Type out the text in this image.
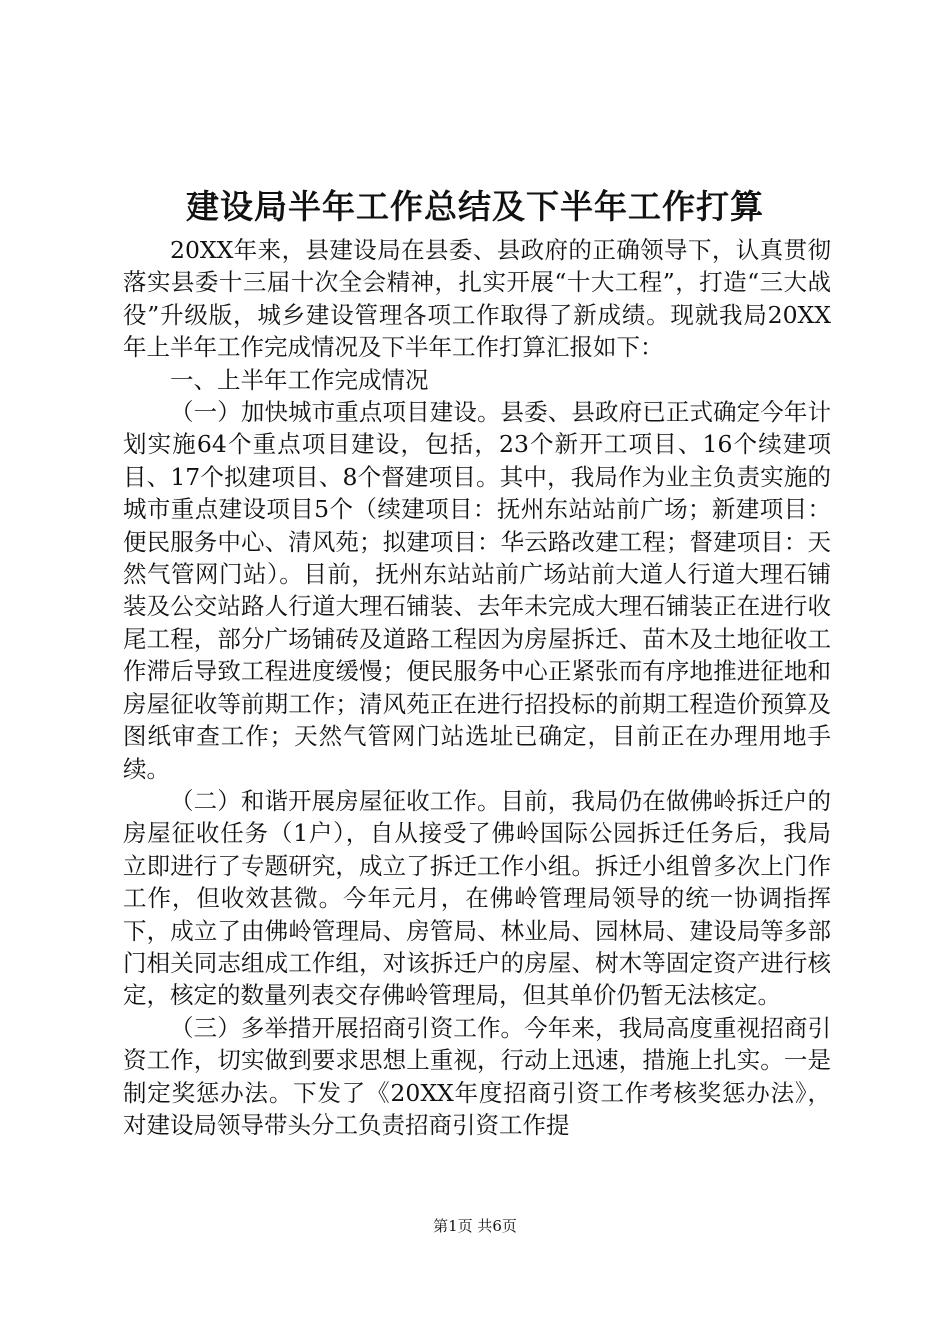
建设局半年工作总结及下半年工作打算

20XX年来，县建设局在县委、县政府的正确领导下，认真贯彻落实县委十三届十次全会精神，扎实开展“十大工程”，打造“三大战役”升级版，城乡建设管理各项工作取得了新成绩。现就我局20XX年上半年工作完成情况及下半年工作打算汇报如下：

一、上半年工作完成情况

（一）加快城市重点项目建设。县委、县政府已正式确定今年计划实施64个重点项目建设，包括，23个新开工项目、16个续建项目、17个拟建项目、8个督建项目。其中，我局作为业主负责实施的城市重点建设项目5个（续建项目：抚州东站站前广场；新建项目：便民服务中心、清风苑；拟建项目：华云路改建工程；督建项目：天然气管网门站）。目前，抚州东站站前广场站前大道人行道大理石铺装及公交站路人行道大理石铺装、去年未完成大理石铺装正在进行收尾工程，部分广场铺砖及道路工程因为房屋拆迁、苗木及土地征收工作滞后导致工程进度缓慢；便民服务中心正紧张而有序地推进征地和房屋征收等前期工作；清风苑正在进行招投标的前期工程造价预算及图纸审查工作；天然气管网门站选址已确定，目前正在办理用地手续。

（二）和谐开展房屋征收工作。目前，我局仍在做佛岭拆迁户的房屋征收任务（1户），自从接受了佛岭国际公园拆迁任务后，我局立即进行了专题研究，成立了拆迁工作小组。拆迁小组曾多次上门作工作，但收效甚微。今年元月，在佛岭管理局领导的统一协调指挥下，成立了由佛岭管理局、房管局、林业局、园林局、建设局等多部门相关同志组成工作组，对该拆迁户的房屋、树木等固定资产进行核定，核定的数量列表交存佛岭管理局，但其单价仍暂无法核定。

（三）多举措开展招商引资工作。今年来，我局高度重视招商引资工作，切实做到要求思想上重视，行动上迅速，措施上扎实。一是制定奖惩办法。下发了《20XX年度招商引资工作考核奖惩办法》，对建设局领导带头分工负责招商引资工作提

第1页 共6页
